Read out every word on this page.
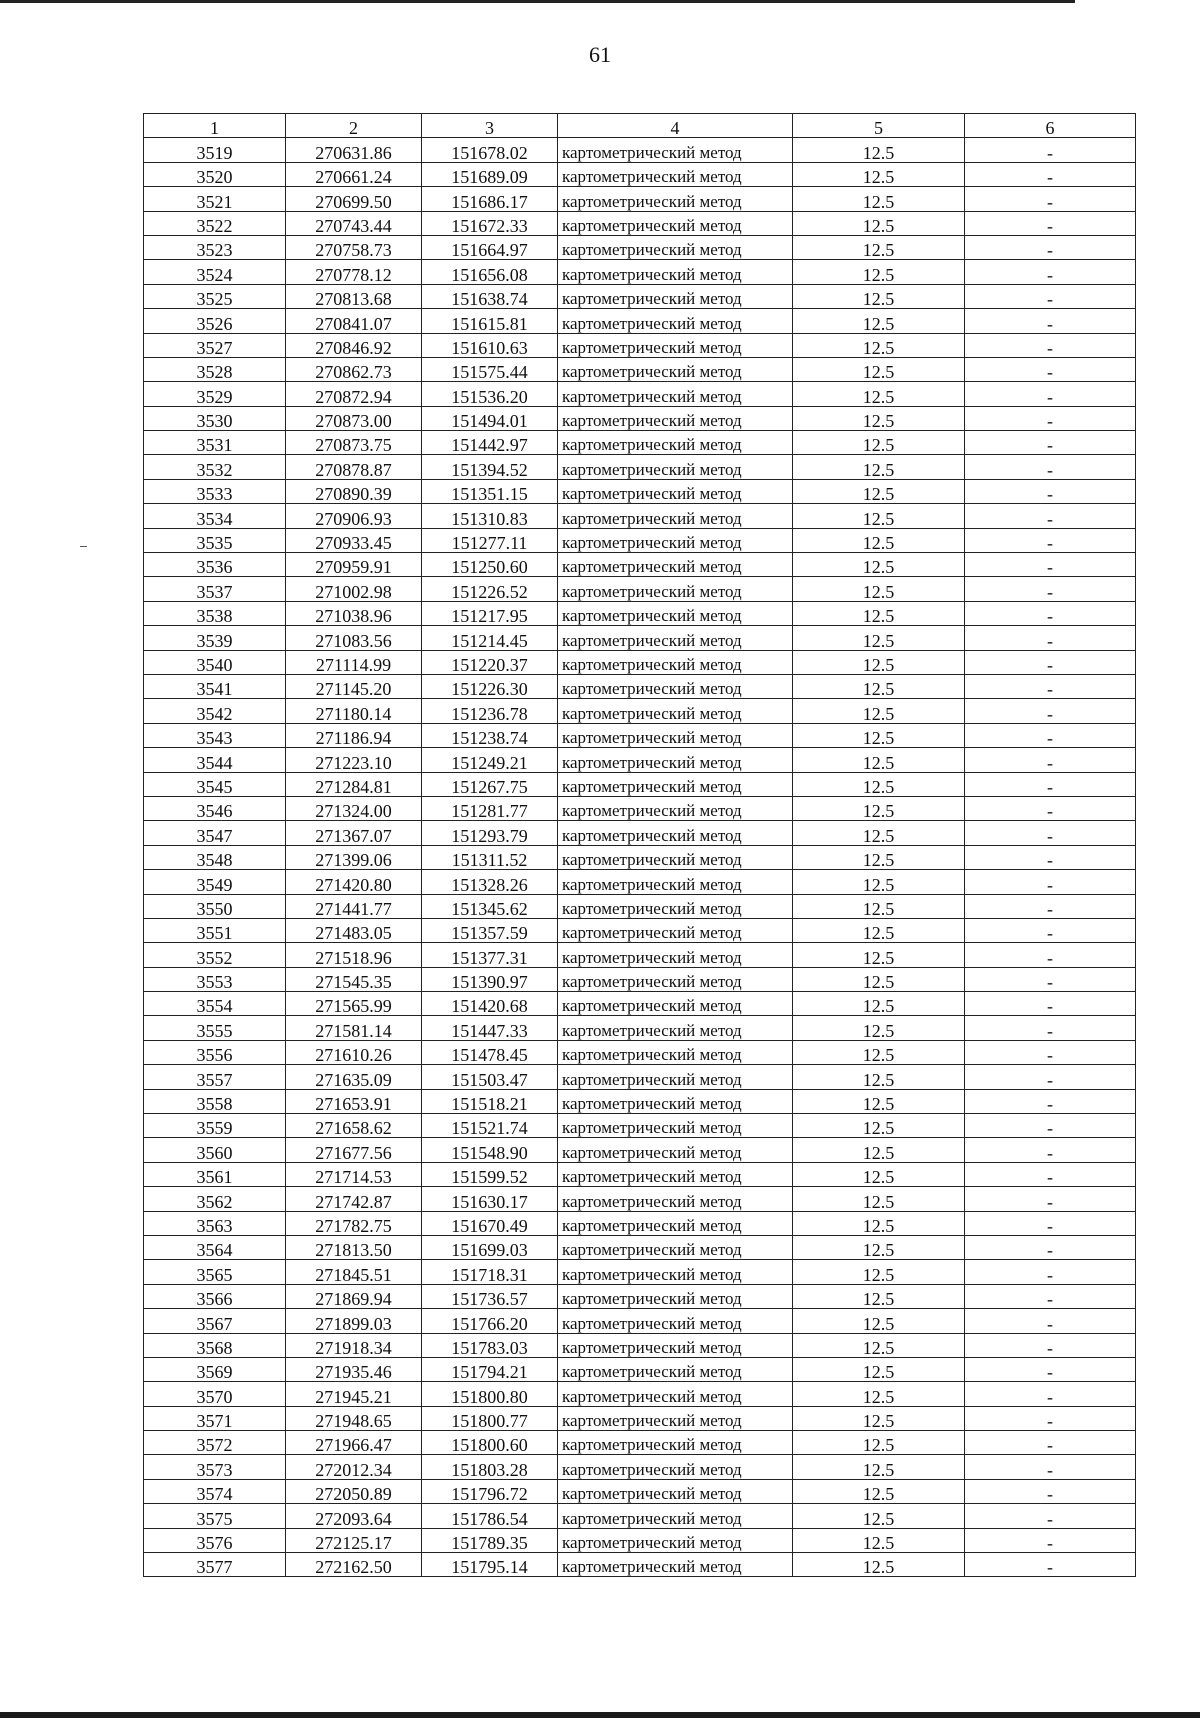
61
1	2	3	4	5	6
3519	270631.86	151678.02	картометрический метод	12.5	-
3520	270661.24	151689.09	картометрический метод	12.5	-
3521	270699.50	151686.17	картометрический метод	12.5	-
3522	270743.44	151672.33	картометрический метод	12.5	-
3523	270758.73	151664.97	картометрический метод	12.5	-
3524	270778.12	151656.08	картометрический метод	12.5	-
3525	270813.68	151638.74	картометрический метод	12.5	-
3526	270841.07	151615.81	картометрический метод	12.5	-
3527	270846.92	151610.63	картометрический метод	12.5	-
3528	270862.73	151575.44	картометрический метод	12.5	-
3529	270872.94	151536.20	картометрический метод	12.5	-
3530	270873.00	151494.01	картометрический метод	12.5	-
3531	270873.75	151442.97	картометрический метод	12.5	-
3532	270878.87	151394.52	картометрический метод	12.5	-
3533	270890.39	151351.15	картометрический метод	12.5	-
3534	270906.93	151310.83	картометрический метод	12.5	-
3535	270933.45	151277.11	картометрический метод	12.5	-
3536	270959.91	151250.60	картометрический метод	12.5	-
3537	271002.98	151226.52	картометрический метод	12.5	-
3538	271038.96	151217.95	картометрический метод	12.5	-
3539	271083.56	151214.45	картометрический метод	12.5	-
3540	271114.99	151220.37	картометрический метод	12.5	-
3541	271145.20	151226.30	картометрический метод	12.5	-
3542	271180.14	151236.78	картометрический метод	12.5	-
3543	271186.94	151238.74	картометрический метод	12.5	-
3544	271223.10	151249.21	картометрический метод	12.5	-
3545	271284.81	151267.75	картометрический метод	12.5	-
3546	271324.00	151281.77	картометрический метод	12.5	-
3547	271367.07	151293.79	картометрический метод	12.5	-
3548	271399.06	151311.52	картометрический метод	12.5	-
3549	271420.80	151328.26	картометрический метод	12.5	-
3550	271441.77	151345.62	картометрический метод	12.5	-
3551	271483.05	151357.59	картометрический метод	12.5	-
3552	271518.96	151377.31	картометрический метод	12.5	-
3553	271545.35	151390.97	картометрический метод	12.5	-
3554	271565.99	151420.68	картометрический метод	12.5	-
3555	271581.14	151447.33	картометрический метод	12.5	-
3556	271610.26	151478.45	картометрический метод	12.5	-
3557	271635.09	151503.47	картометрический метод	12.5	-
3558	271653.91	151518.21	картометрический метод	12.5	-
3559	271658.62	151521.74	картометрический метод	12.5	-
3560	271677.56	151548.90	картометрический метод	12.5	-
3561	271714.53	151599.52	картометрический метод	12.5	-
3562	271742.87	151630.17	картометрический метод	12.5	-
3563	271782.75	151670.49	картометрический метод	12.5	-
3564	271813.50	151699.03	картометрический метод	12.5	-
3565	271845.51	151718.31	картометрический метод	12.5	-
3566	271869.94	151736.57	картометрический метод	12.5	-
3567	271899.03	151766.20	картометрический метод	12.5	-
3568	271918.34	151783.03	картометрический метод	12.5	-
3569	271935.46	151794.21	картометрический метод	12.5	-
3570	271945.21	151800.80	картометрический метод	12.5	-
3571	271948.65	151800.77	картометрический метод	12.5	-
3572	271966.47	151800.60	картометрический метод	12.5	-
3573	272012.34	151803.28	картометрический метод	12.5	-
3574	272050.89	151796.72	картометрический метод	12.5	-
3575	272093.64	151786.54	картометрический метод	12.5	-
3576	272125.17	151789.35	картометрический метод	12.5	-
3577	272162.50	151795.14	картометрический метод	12.5	-
